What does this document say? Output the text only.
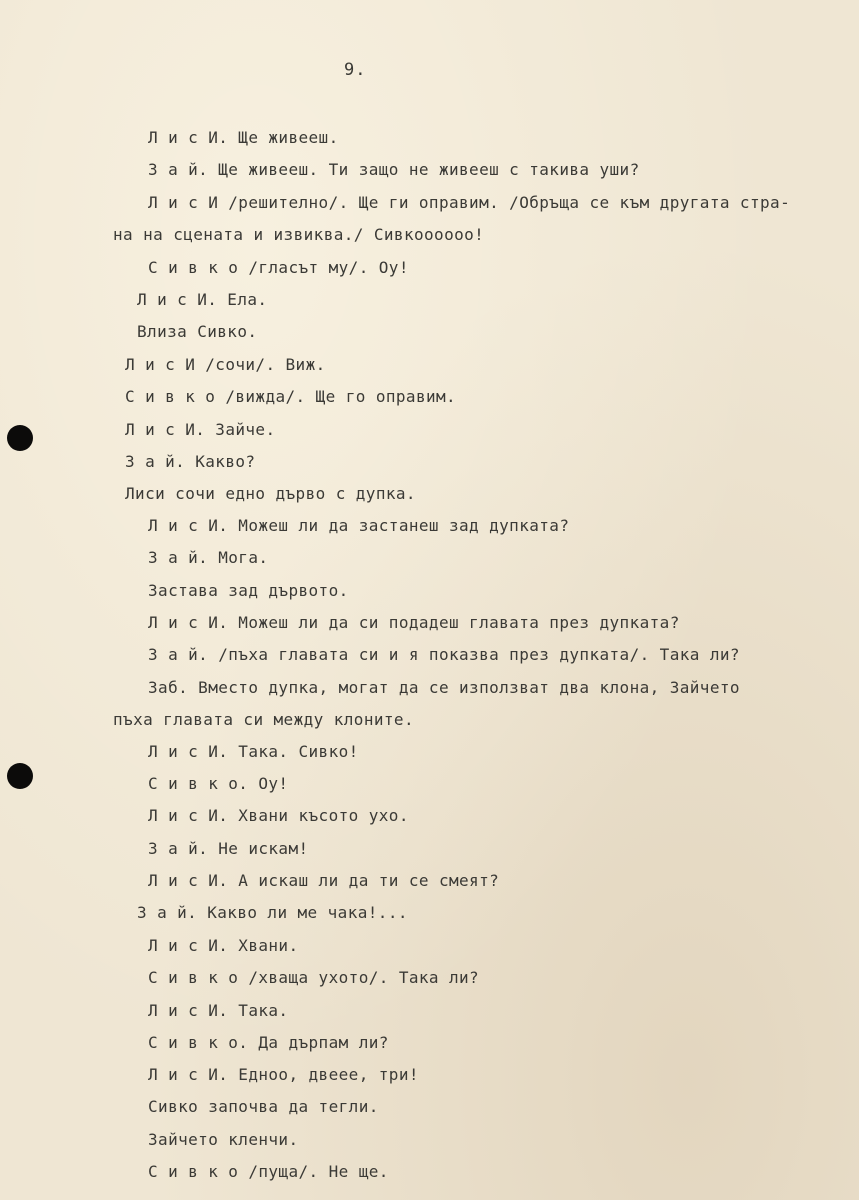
9.
Л и с И. Ще живееш.
З а й. Ще живееш. Ти защо не живееш с такива уши?
Л и с И /решително/. Ще ги оправим. /Обръща се към другата стра-
на на сцената и извиква./ Сивкоооооо!
С и в к о /гласът му/. Оу!
Л и с И. Ела.
Влиза Сивко.
Л и с И /сочи/. Виж.
С и в к о /вижда/. Ще го оправим.
Л и с И. Зайче.
З а й. Какво?
Лиси сочи едно дърво с дупка.
Л и с И. Можеш ли да застанеш зад дупката?
З а й. Мога.
Застава зад дървото.
Л и с И. Можеш ли да си подадеш главата през дупката?
З а й. /пъха главата си и я показва през дупката/. Така ли?
Заб. Вместо дупка, могат да се използват два клона, Зайчето
пъха главата си между клоните.
Л и с И. Така. Сивко!
С и в к о. Оу!
Л и с И. Хвани късото ухо.
З а й. Не искам!
Л и с И. А искаш ли да ти се смеят?
З а й. Какво ли ме чака!...
Л и с И. Хвани.
С и в к о /хваща ухото/. Така ли?
Л и с И. Така.
С и в к о. Да дърпам ли?
Л и с И. Едноо, двеее, три!
Сивко започва да тегли.
Зайчето кленчи.
С и в к о /пуща/. Не ще.
